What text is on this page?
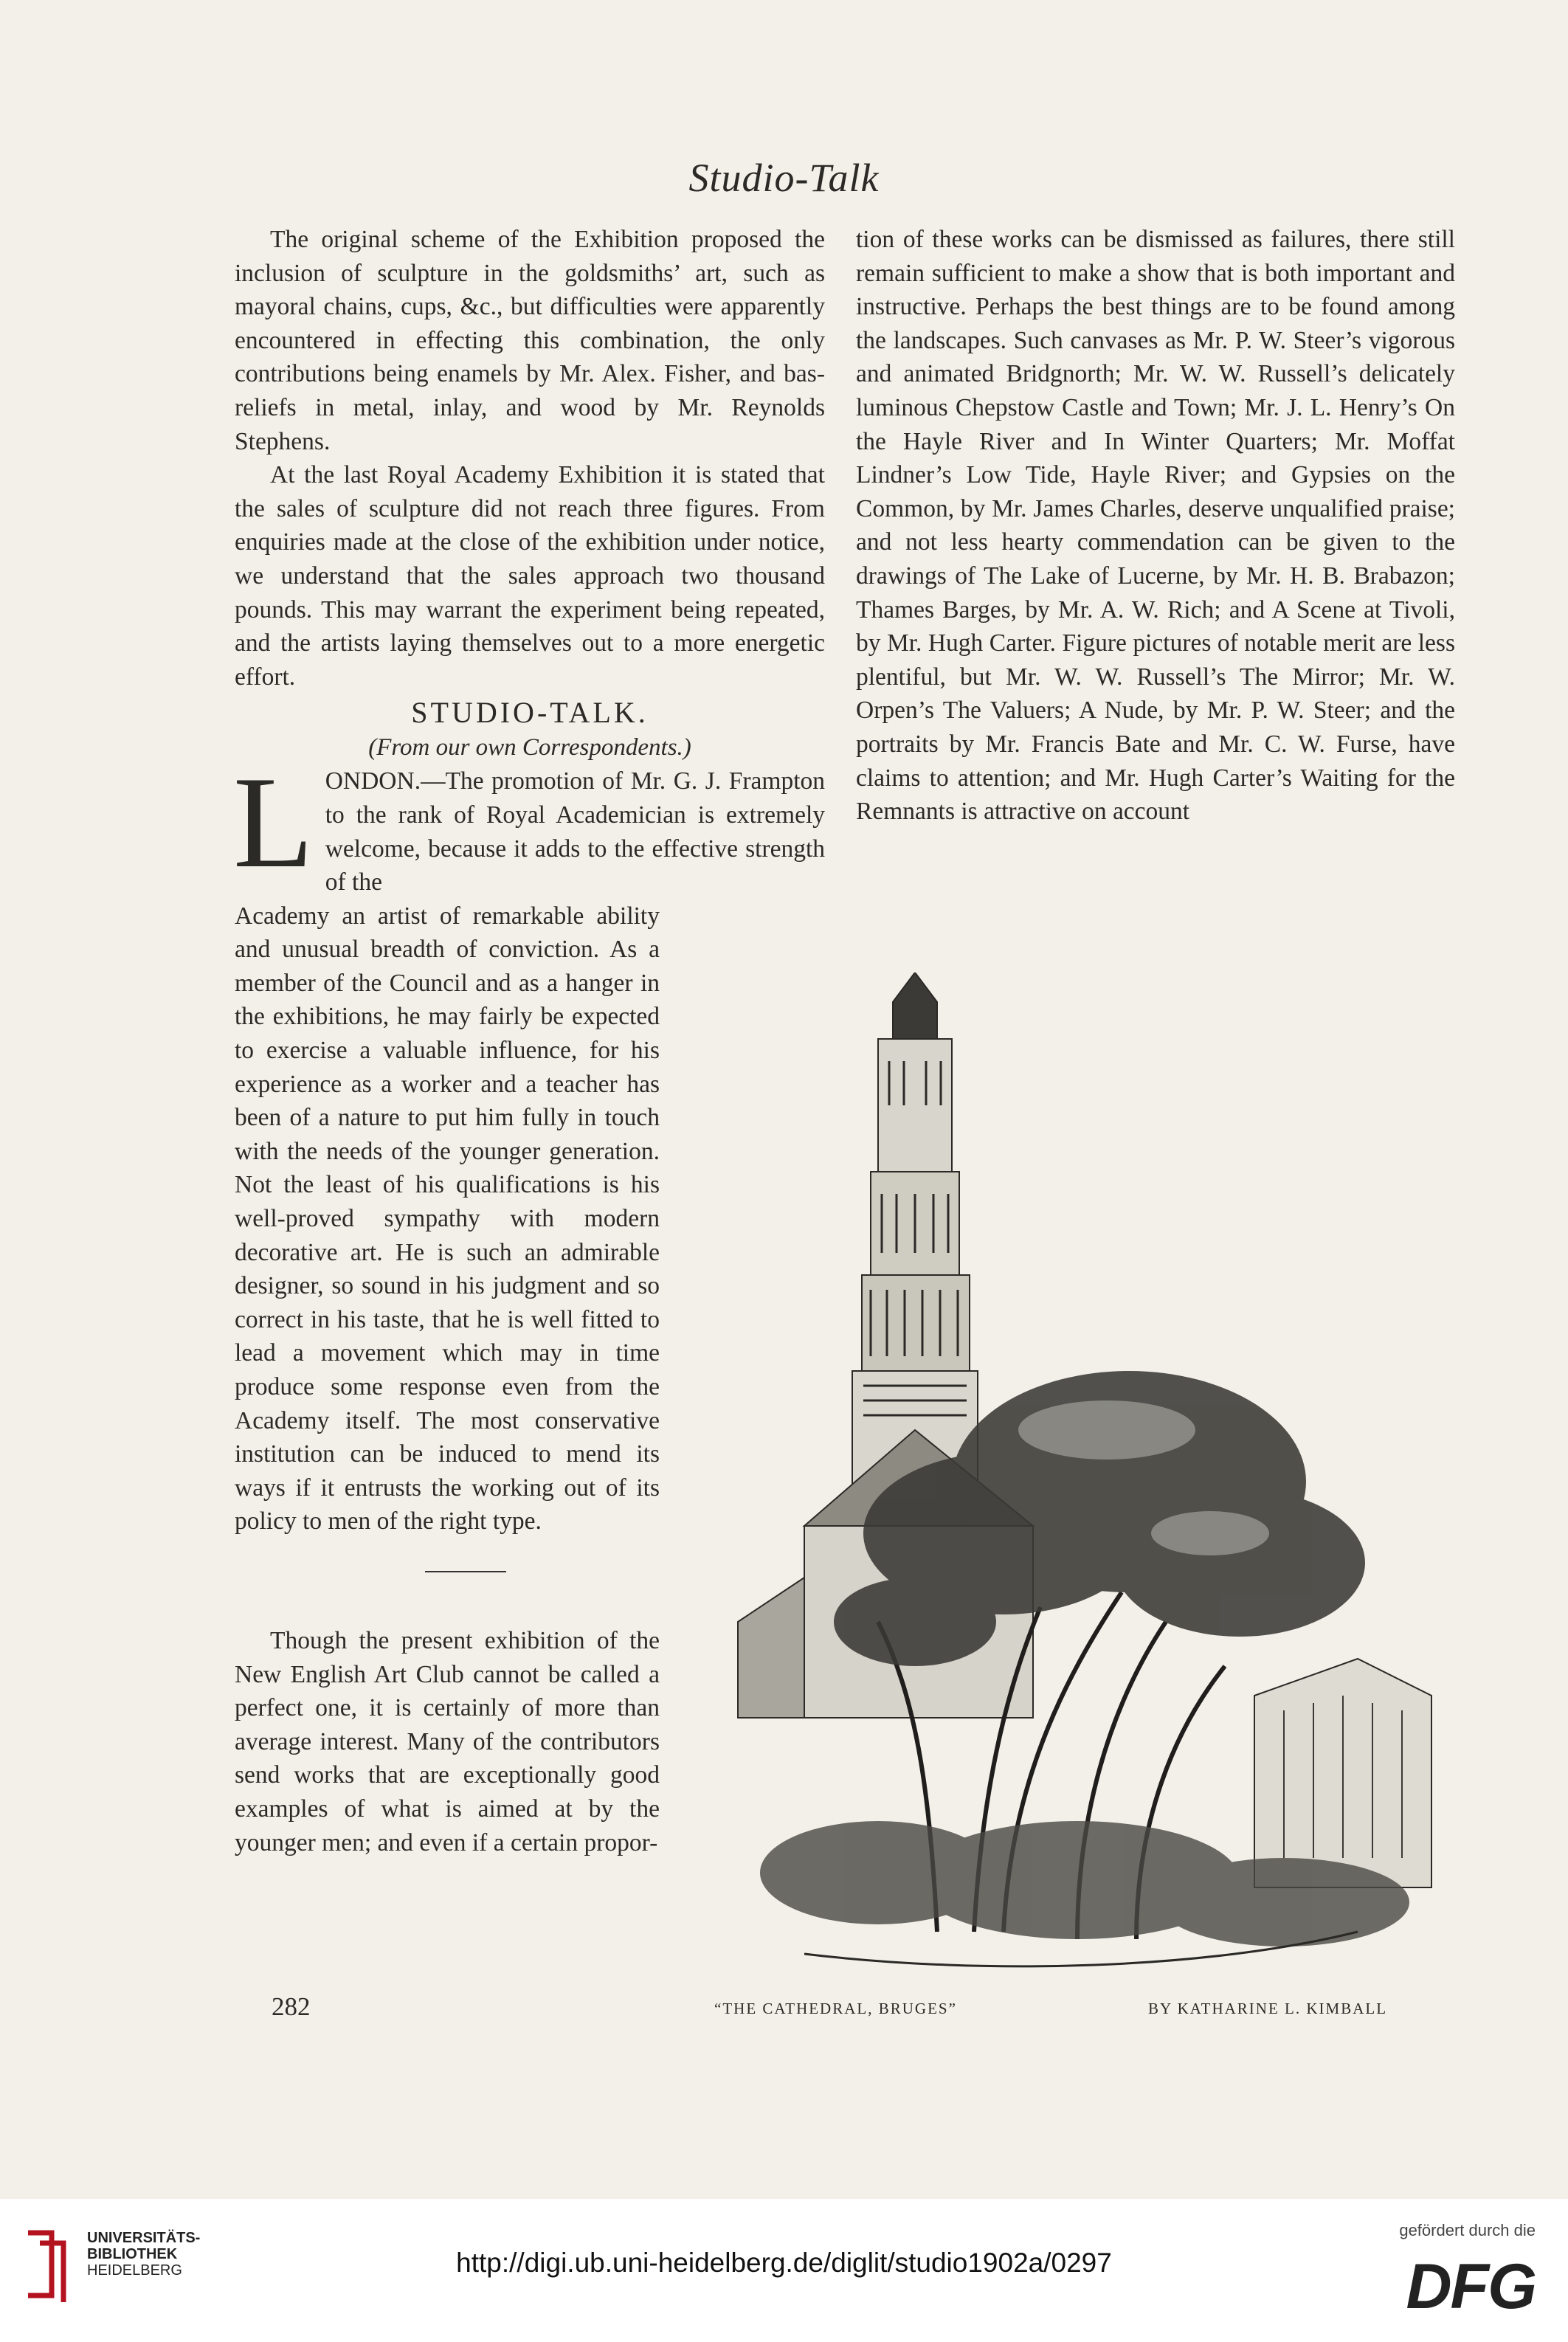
Studio-Talk

The original scheme of the Exhibition proposed the inclusion of sculpture in the goldsmiths’ art, such as mayoral chains, cups, &c., but difficulties were apparently encountered in effecting this combination, the only contributions being enamels by Mr. Alex. Fisher, and bas-reliefs in metal, inlay, and wood by Mr. Reynolds Stephens.

At the last Royal Academy Exhibition it is stated that the sales of sculpture did not reach three figures. From enquiries made at the close of the exhibition under notice, we understand that the sales approach two thousand pounds. This may warrant the experiment being repeated, and the artists laying themselves out to a more energetic effort.

STUDIO-TALK.
(From our own Correspondents.)
L ONDON.—The promotion of Mr. G. J. Frampton to the rank of Royal Academician is extremely welcome, because it adds to the effective strength of the

Academy an artist of remarkable ability and unusual breadth of conviction. As a member of the Council and as a hanger in the exhibitions, he may fairly be expected to exercise a valuable influence, for his experience as a worker and a teacher has been of a nature to put him fully in touch with the needs of the younger generation. Not the least of his qualifications is his well-proved sympathy with modern decorative art. He is such an admirable designer, so sound in his judgment and so correct in his taste, that he is well fitted to lead a movement which may in time produce some response even from the Academy itself. The most conservative institution can be induced to mend its ways if it entrusts the working out of its policy to men of the right type.

Though the present exhibition of the New English Art Club cannot be called a perfect one, it is certainly of more than average interest. Many of the contributors send works that are exceptionally good examples of what is aimed at by the younger men; and even if a certain propor-

tion of these works can be dismissed as failures, there still remain sufficient to make a show that is both important and instructive. Perhaps the best things are to be found among the landscapes. Such canvases as Mr. P. W. Steer’s vigorous and animated Bridgnorth; Mr. W. W. Russell’s delicately luminous Chepstow Castle and Town; Mr. J. L. Henry’s On the Hayle River and In Winter Quarters; Mr. Moffat Lindner’s Low Tide, Hayle River; and Gypsies on the Common, by Mr. James Charles, deserve unqualified praise; and not less hearty commendation can be given to the drawings of The Lake of Lucerne, by Mr. H. B. Brabazon; Thames Barges, by Mr. A. W. Rich; and A Scene at Tivoli, by Mr. Hugh Carter. Figure pictures of notable merit are less plentiful, but Mr. W. W. Russell’s The Mirror; Mr. W. Orpen’s The Valuers; A Nude, by Mr. P. W. Steer; and the portraits by Mr. Francis Bate and Mr. C. W. Furse, have claims to attention; and Mr. Hugh Carter’s Waiting for the Remnants is attractive on account

282	“THE CATHEDRAL, BRUGES”	BY KATHARINE L. KIMBALL
UNIVERSITÄTS-
BIBLIOTHEK
HEIDELBERG	http://digi.ub.uni-heidelberg.de/diglit/studio1902a/0297
gefördert durch die
DFG
